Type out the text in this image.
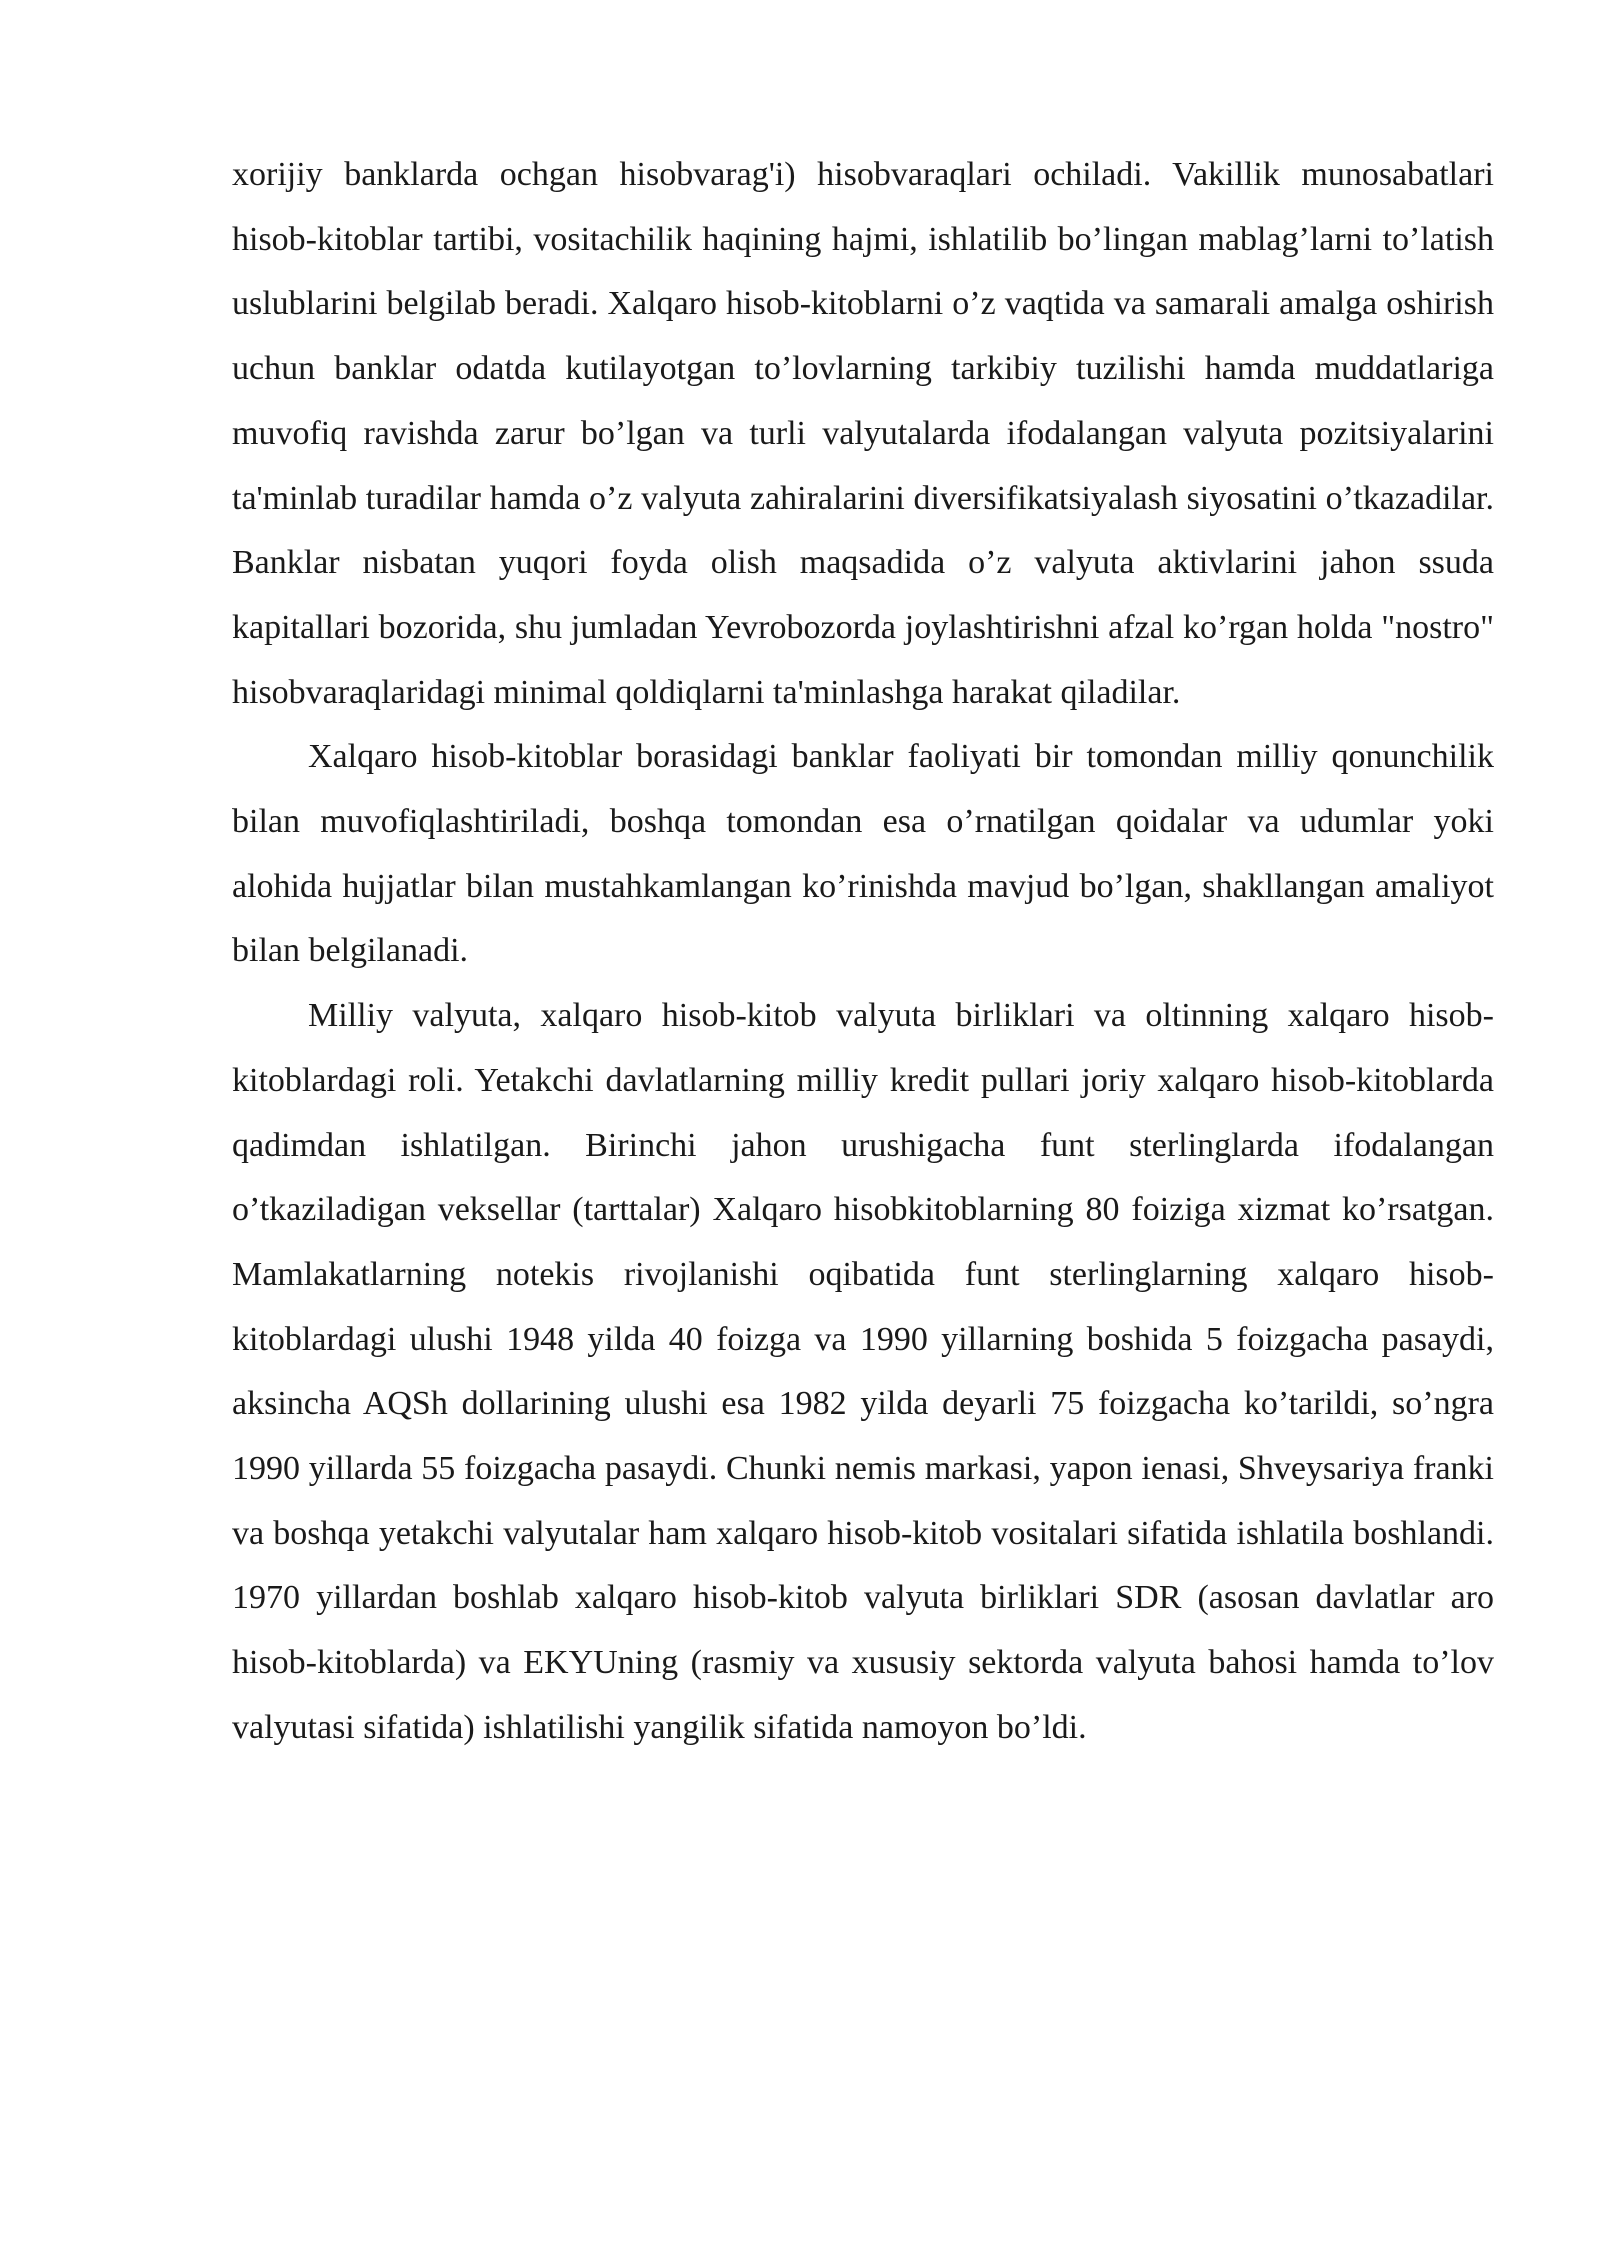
xorijiy banklarda ochgan hisobvarag'i) hisobvaraqlari ochiladi. Vakillik munosabatlari hisob-kitoblar tartibi, vositachilik haqining hajmi, ishlatilib bo’lingan mablag’larni to’latish uslublarini belgilab beradi. Xalqaro hisob-kitoblarni o’z vaqtida va samarali amalga oshirish uchun banklar odatda kutilayotgan to’lovlarning tarkibiy tuzilishi hamda muddatlariga muvofiq ravishda zarur bo’lgan va turli valyutalarda ifodalangan valyuta pozitsiyalarini ta'minlab turadilar hamda o’z valyuta zahiralarini diversifikatsiyalash siyosatini o’tkazadilar. Banklar nisbatan yuqori foyda olish maqsadida o’z valyuta aktivlarini jahon ssuda kapitallari bozorida, shu jumladan Yevrobozorda joylashtirishni afzal ko’rgan holda "nostro" hisobvaraqlaridagi minimal qoldiqlarni ta'minlashga harakat qiladilar.

Xalqaro hisob-kitoblar borasidagi banklar faoliyati bir tomondan milliy qonunchilik bilan muvofiqlashtiriladi, boshqa tomondan esa o’rnatilgan qoidalar va udumlar yoki alohida hujjatlar bilan mustahkamlangan ko’rinishda mavjud bo’lgan, shakllangan amaliyot bilan belgilanadi.

Milliy valyuta, xalqaro hisob-kitob valyuta birliklari va oltinning xalqaro hisob-kitoblardagi roli. Yetakchi davlatlarning milliy kredit pullari joriy xalqaro hisob-kitoblarda qadimdan ishlatilgan. Birinchi jahon urushigacha funt sterlinglarda ifodalangan o’tkaziladigan veksellar (tarttalar) Xalqaro hisobkitoblarning 80 foiziga xizmat ko’rsatgan. Mamlakatlarning notekis rivojlanishi oqibatida funt sterlinglarning xalqaro hisob-kitoblardagi ulushi 1948 yilda 40 foizga va 1990 yillarning boshida 5 foizgacha pasaydi, aksincha AQSh dollarining ulushi esa 1982 yilda deyarli 75 foizgacha ko’tarildi, so’ngra 1990 yillarda 55 foizgacha pasaydi. Chunki nemis markasi, yapon ienasi, Shveysariya franki va boshqa yetakchi valyutalar ham xalqaro hisob-kitob vositalari sifatida ishlatila boshlandi. 1970 yillardan boshlab xalqaro hisob-kitob valyuta birliklari SDR (asosan davlatlar aro hisob-kitoblarda) va EKYUning (rasmiy va xususiy sektorda valyuta bahosi hamda to’lov valyutasi sifatida) ishlatilishi yangilik sifatida namoyon bo’ldi.
